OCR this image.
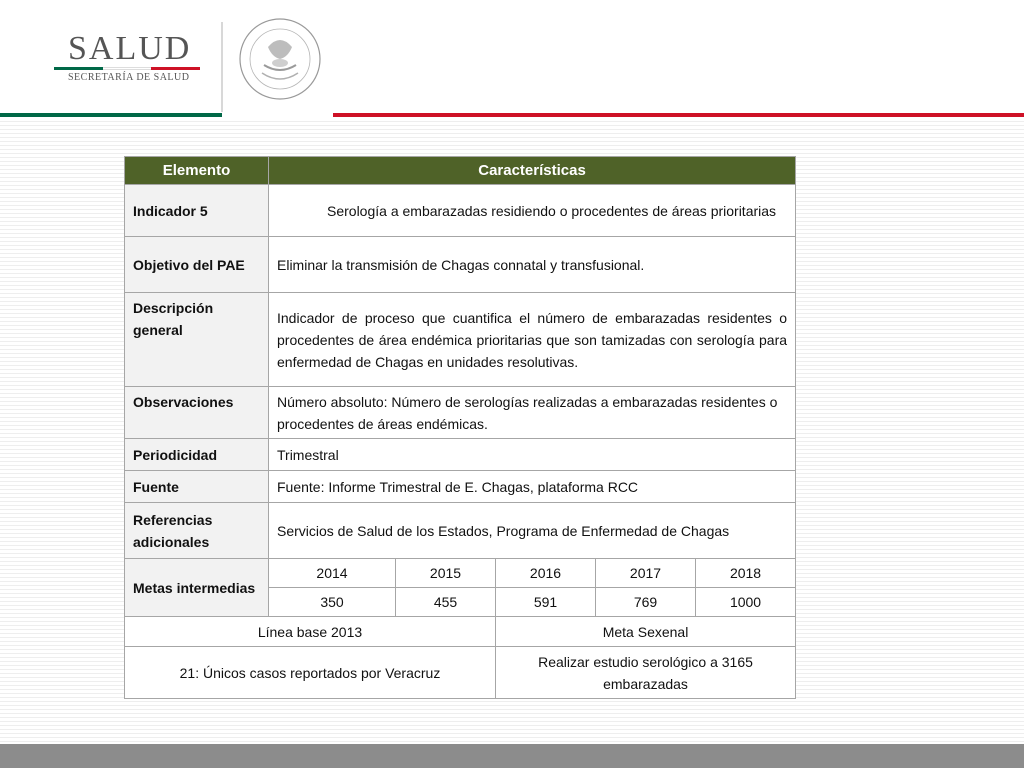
SALUD
SECRETARÍA DE SALUD
Elemento	Características				
Indicador 5	Serología a embarazadas residiendo o procedentes de áreas prioritarias				
Objetivo del PAE	Eliminar la transmisión de Chagas connatal y transfusional.				
Descripción general	Indicador de proceso que cuantifica el número de embarazadas residentes o procedentes de área endémica prioritarias que son tamizadas con serología para enfermedad de Chagas en unidades resolutivas.				
Observaciones	Número absoluto: Número de serologías realizadas a embarazadas residentes o procedentes de áreas endémicas.				
Periodicidad	Trimestral				
Fuente	Fuente: Informe Trimestral de E. Chagas, plataforma RCC				
Referencias adicionales	Servicios de Salud de los Estados, Programa de Enfermedad de Chagas				
Metas intermedias	2014	2015	2016	2017	2018
	350	455	591	769	1000
Línea base 2013			Meta Sexenal		
21: Únicos casos reportados por Veracruz			Realizar estudio serológico a 3165 embarazadas		
